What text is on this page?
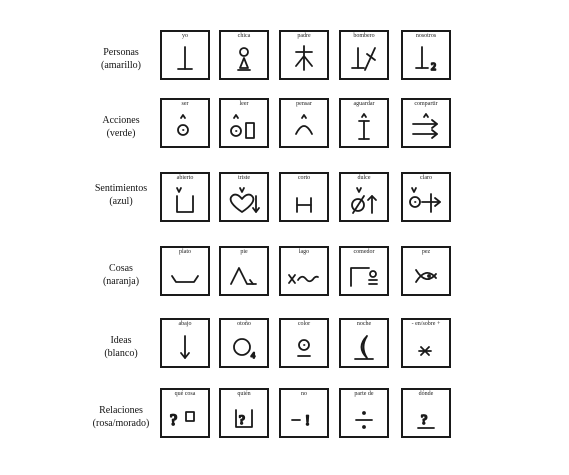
Personas
(amarillo)
yo	chica	padre	bombero	nosotros
Acciones
(verde)
ser	leer	pensar	aguardar	compartir
Sentimientos
(azul)
abierto	triste	corto	dulce	claro
Cosas
(naranja)
plato	pie	lago	comedor	pez
Ideas
(blanco)
abajo	otoño	color	noche	- en/sobre +
Relaciones
(rosa/morado)
qué cosa	quién	no	parte de	dónde
